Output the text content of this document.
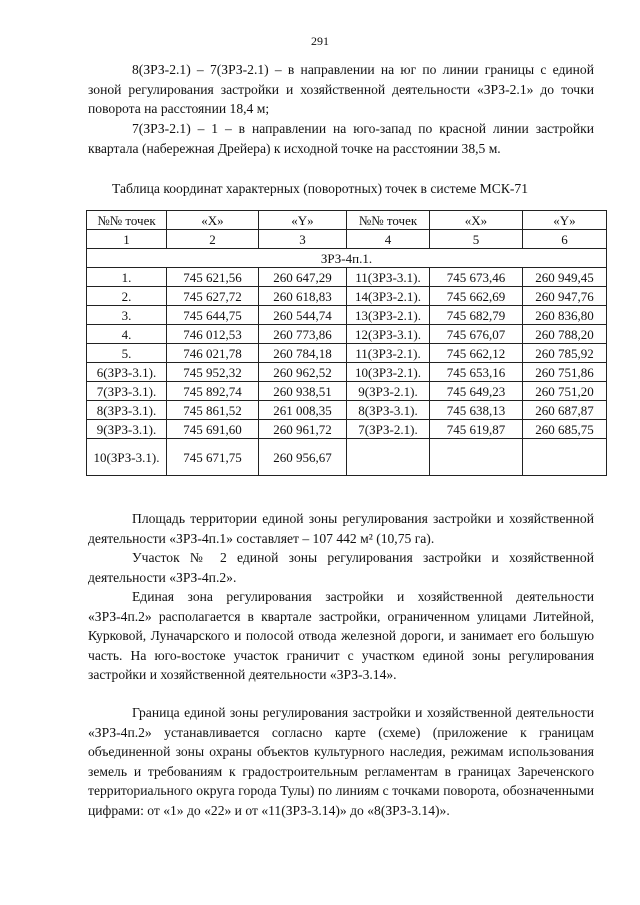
291

8(ЗРЗ-2.1) – 7(ЗРЗ-2.1) – в направлении на юг по линии границы с единой зоной регулирования застройки и хозяйственной деятельности «ЗРЗ-2.1» до точки поворота на расстоянии 18,4 м;

7(ЗРЗ-2.1) – 1 – в направлении на юго-запад по красной линии застройки квартала (набережная Дрейера) к исходной точке на расстоянии 38,5 м.

Таблица координат характерных (поворотных) точек в системе МСК-71
№№ точек	«X»	«Y»	№№ точек	«X»	«Y»
1	2	3	4	5	6
ЗРЗ-4п.1.					
1.	745 621,56	260 647,29	11(ЗРЗ-3.1).	745 673,46	260 949,45
2.	745 627,72	260 618,83	14(ЗРЗ-2.1).	745 662,69	260 947,76
3.	745 644,75	260 544,74	13(ЗРЗ-2.1).	745 682,79	260 836,80
4.	746 012,53	260 773,86	12(ЗРЗ-3.1).	745 676,07	260 788,20
5.	746 021,78	260 784,18	11(ЗРЗ-2.1).	745 662,12	260 785,92
6(ЗРЗ-3.1).	745 952,32	260 962,52	10(ЗРЗ-2.1).	745 653,16	260 751,86
7(ЗРЗ-3.1).	745 892,74	260 938,51	9(ЗРЗ-2.1).	745 649,23	260 751,20
8(ЗРЗ-3.1).	745 861,52	261 008,35	8(ЗРЗ-3.1).	745 638,13	260 687,87
9(ЗРЗ-3.1).	745 691,60	260 961,72	7(ЗРЗ-2.1).	745 619,87	260 685,75
10(ЗРЗ-3.1).	745 671,75	260 956,67			

Площадь территории единой зоны регулирования застройки и хозяйственной деятельности «ЗРЗ-4п.1» составляет – 107 442 м² (10,75 га).

Участок № 2 единой зоны регулирования застройки и хозяйственной деятельности «ЗРЗ-4п.2».

Единая зона регулирования застройки и хозяйственной деятельности «ЗРЗ-4п.2» располагается в квартале застройки, ограниченном улицами Литейной, Курковой, Луначарского и полосой отвода железной дороги, и занимает его большую часть. На юго-востоке участок граничит с участком единой зоны регулирования застройки и хозяйственной деятельности «ЗРЗ-3.14».

Граница единой зоны регулирования застройки и хозяйственной деятельности «ЗРЗ-4п.2» устанавливается согласно карте (схеме) (приложение к границам объединенной зоны охраны объектов культурного наследия, режимам использования земель и требованиям к градостроительным регламентам в границах Зареченского территориального округа города Тулы) по линиям с точками поворота, обозначенными цифрами: от «1» до «22» и от «11(ЗРЗ-3.14)» до «8(ЗРЗ-3.14)».
